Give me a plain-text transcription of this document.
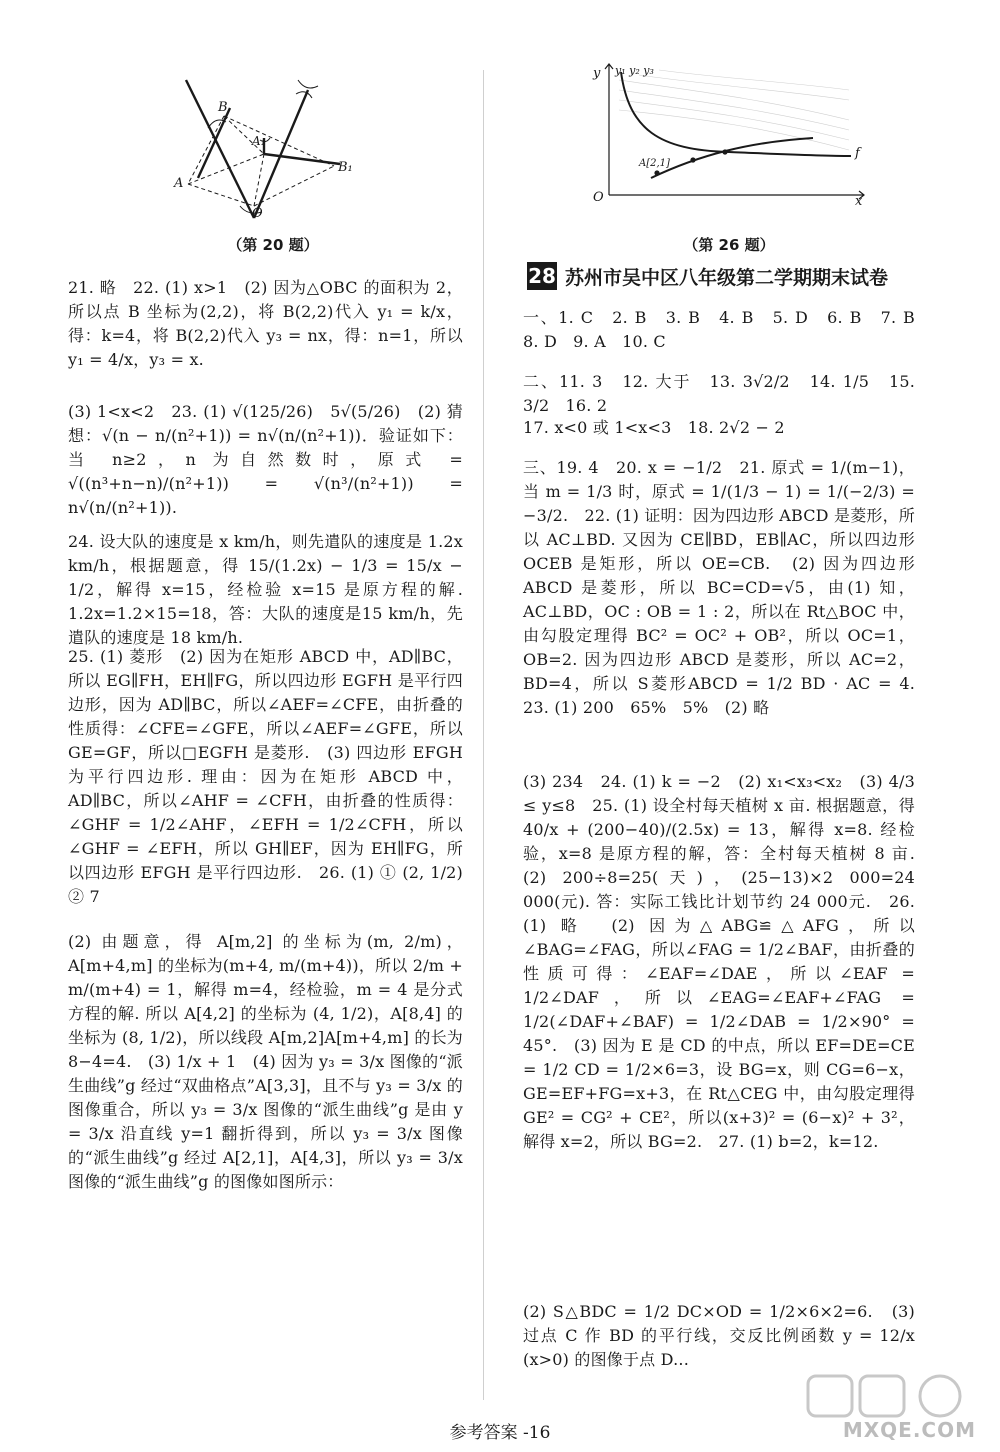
B
A
A₁
B₁
O
（第 20 题）
21. 略　22. (1) x>1　(2) 因为△OBC 的面积为 2，所以点 B 坐标为(2,2)，将 B(2,2)代入 y₁ = k/x，得：k=4，将 B(2,2)代入 y₃ = nx，得：n=1，所以 y₁ = 4/x，y₃ = x.
(3) 1<x<2　23. (1) √(125/26)　5√(5/26)　(2) 猜想：√(n − n/(n²+1)) = n√(n/(n²+1))．验证如下：当 n≥2，n 为自然数时，原式 = √((n³+n−n)/(n²+1)) = √(n³/(n²+1)) = n√(n/(n²+1)).
24. 设大队的速度是 x km/h，则先遣队的速度是 1.2x km/h，根据题意，得 15/(1.2x) − 1/3 = 15/x − 1/2，解得 x=15，经检验 x=15 是原方程的解. 1.2x=1.2×15=18，答：大队的速度是15 km/h，先遣队的速度是 18 km/h.
25. (1) 菱形　(2) 因为在矩形 ABCD 中，AD∥BC，所以 EG∥FH，EH∥FG，所以四边形 EGFH 是平行四边形，因为 AD∥BC，所以∠AEF=∠CFE，由折叠的性质得：∠CFE=∠GFE，所以∠AEF=∠GFE，所以 GE=GF，所以□EGFH 是菱形.　(3) 四边形 EFGH 为平行四边形. 理由：因为在矩形 ABCD 中，AD∥BC，所以∠AHF = ∠CFH，由折叠的性质得：∠GHF = 1/2∠AHF，∠EFH = 1/2∠CFH，所以∠GHF = ∠EFH，所以 GH∥EF，因为 EH∥FG，所以四边形 EFGH 是平行四边形.　26. (1) ① (2, 1/2)　② 7
(2) 由题意，得 A[m,2] 的坐标为(m, 2/m)，A[m+4,m] 的坐标为(m+4, m/(m+4))，所以 2/m + m/(m+4) = 1，解得 m=4，经检验，m = 4 是分式方程的解. 所以 A[4,2] 的坐标为 (4, 1/2)，A[8,4] 的坐标为 (8, 1/2)，所以线段 A[m,2]A[m+4,m] 的长为 8−4=4.　(3) 1/x + 1　(4) 因为 y₃ = 3/x 图像的“派生曲线”g 经过“双曲格点”A[3,3]，且不与 y₃ = 3/x 的图像重合，所以 y₃ = 3/x 图像的“派生曲线”g 是由 y = 3/x 沿直线 y=1 翻折得到，所以 y₃ = 3/x 图像的“派生曲线”g 经过 A[2,1]，A[4,3]，所以 y₃ = 3/x 图像的“派生曲线”g 的图像如图所示：
y y₁ y₂ y₃
O	x
f
A[2,1]
（第 26 题）
28 苏州市吴中区八年级第二学期期末试卷
一、1. C　2. B　3. B　4. B　5. D　6. B　7. B　8. D　9. A　10. C
二、11. 3　12. 大于　13. 3√2/2　14. 1/5　15. 3/2　16. 2
17. x<0 或 1<x<3　18. 2√2 − 2
三、19. 4　20. x = −1/2　21. 原式 = 1/(m−1)，当 m = 1/3 时，原式 = 1/(1/3 − 1) = 1/(−2/3) = −3/2.　22. (1) 证明：因为四边形 ABCD 是菱形，所以 AC⊥BD. 又因为 CE∥BD，EB∥AC，所以四边形 OCEB 是矩形，所以 OE=CB.　(2) 因为四边形 ABCD 是菱形，所以 BC=CD=√5，由(1) 知，AC⊥BD，OC : OB = 1 : 2，所以在 Rt△BOC 中，由勾股定理得 BC² = OC² + OB²，所以 OC=1，OB=2. 因为四边形 ABCD 是菱形，所以 AC=2，BD=4，所以 S菱形ABCD = 1/2 BD · AC = 4.　23. (1) 200　65%　5%　(2) 略
(3) 234　24. (1) k = −2　(2) x₁<x₃<x₂　(3) 4/3 ≤ y≤8　25. (1) 设全村每天植树 x 亩. 根据题意，得 40/x + (200−40)/(2.5x) = 13，解得 x=8. 经检验，x=8 是原方程的解，答：全村每天植树 8 亩.　(2) 200÷8=25(天)，(25−13)×2 000=24 000(元). 答：实际工钱比计划节约 24 000元.　26. (1) 略　(2) 因为△ABG≌△AFG，所以∠BAG=∠FAG，所以∠FAG = 1/2∠BAF，由折叠的性质可得：∠EAF=∠DAE，所以∠EAF = 1/2∠DAF，所以∠EAG=∠EAF+∠FAG = 1/2(∠DAF+∠BAF) = 1/2∠DAB = 1/2×90° = 45°.　(3) 因为 E 是 CD 的中点，所以 EF=DE=CE = 1/2 CD = 1/2×6=3，设 BG=x，则 CG=6−x，GE=EF+FG=x+3，在 Rt△CEG 中，由勾股定理得 GE² = CG² + CE²，所以(x+3)² = (6−x)² + 3²，解得 x=2，所以 BG=2.　27. (1) b=2，k=12.
(2) S△BDC = 1/2 DC×OD = 1/2×6×2=6.　(3) 过点 C 作 BD 的平行线，交反比例函数 y = 12/x (x>0) 的图像于点 D...
参考答案 -16	MXQE.COM
